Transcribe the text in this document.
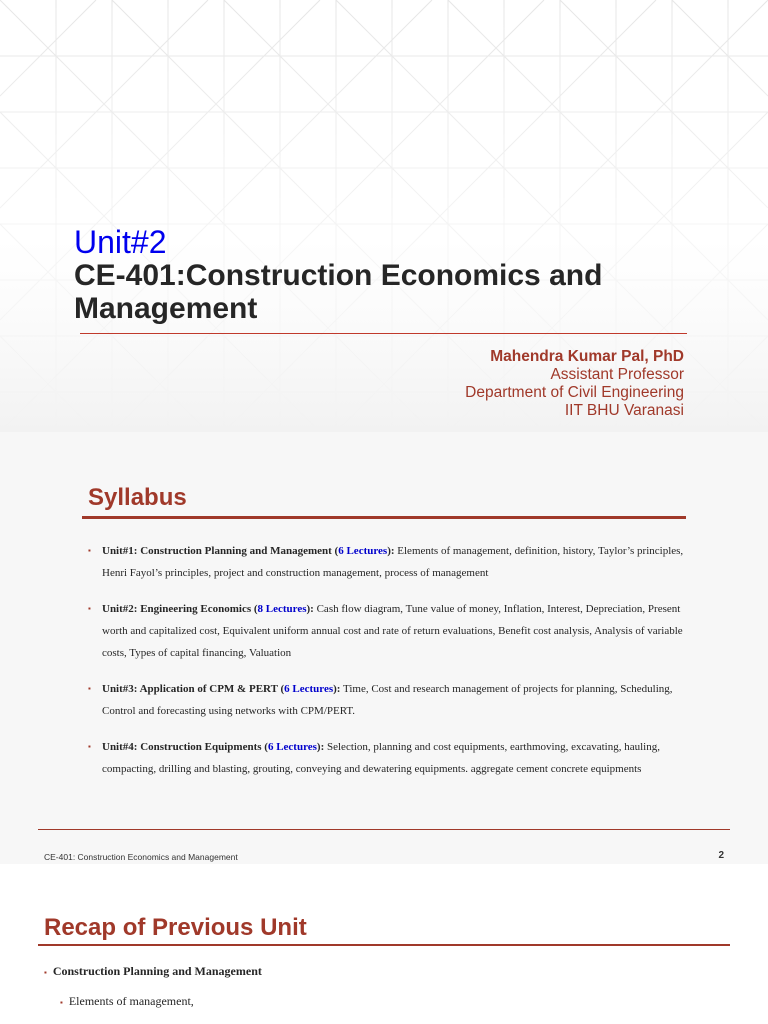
Unit#2
CE-401:Construction Economics and Management
Mahendra Kumar Pal, PhD
Assistant Professor
Department of Civil Engineering
IIT BHU Varanasi
Syllabus
▪ Unit#1: Construction Planning and Management (6 Lectures): Elements of management, definition, history, Taylor’s principles, Henri Fayol’s principles, project and construction management, process of management
▪ Unit#2: Engineering Economics (8 Lectures): Cash flow diagram, Tune value of money, Inflation, Interest, Depreciation, Present worth and capitalized cost, Equivalent uniform annual cost and rate of return evaluations, Benefit cost analysis, Analysis of variable costs, Types of capital financing, Valuation
▪ Unit#3: Application of CPM & PERT (6 Lectures): Time, Cost and research management of projects for planning, Scheduling, Control and forecasting using networks with CPM/PERT.
▪ Unit#4: Construction Equipments (6 Lectures): Selection, planning and cost equipments, earthmoving, excavating, hauling, compacting, drilling and blasting, grouting, conveying and dewatering equipments. aggregate cement concrete equipments
CE-401: Construction Economics and Management	2
Recap of Previous Unit
▪ Construction Planning and Management
▪ Elements of management,
